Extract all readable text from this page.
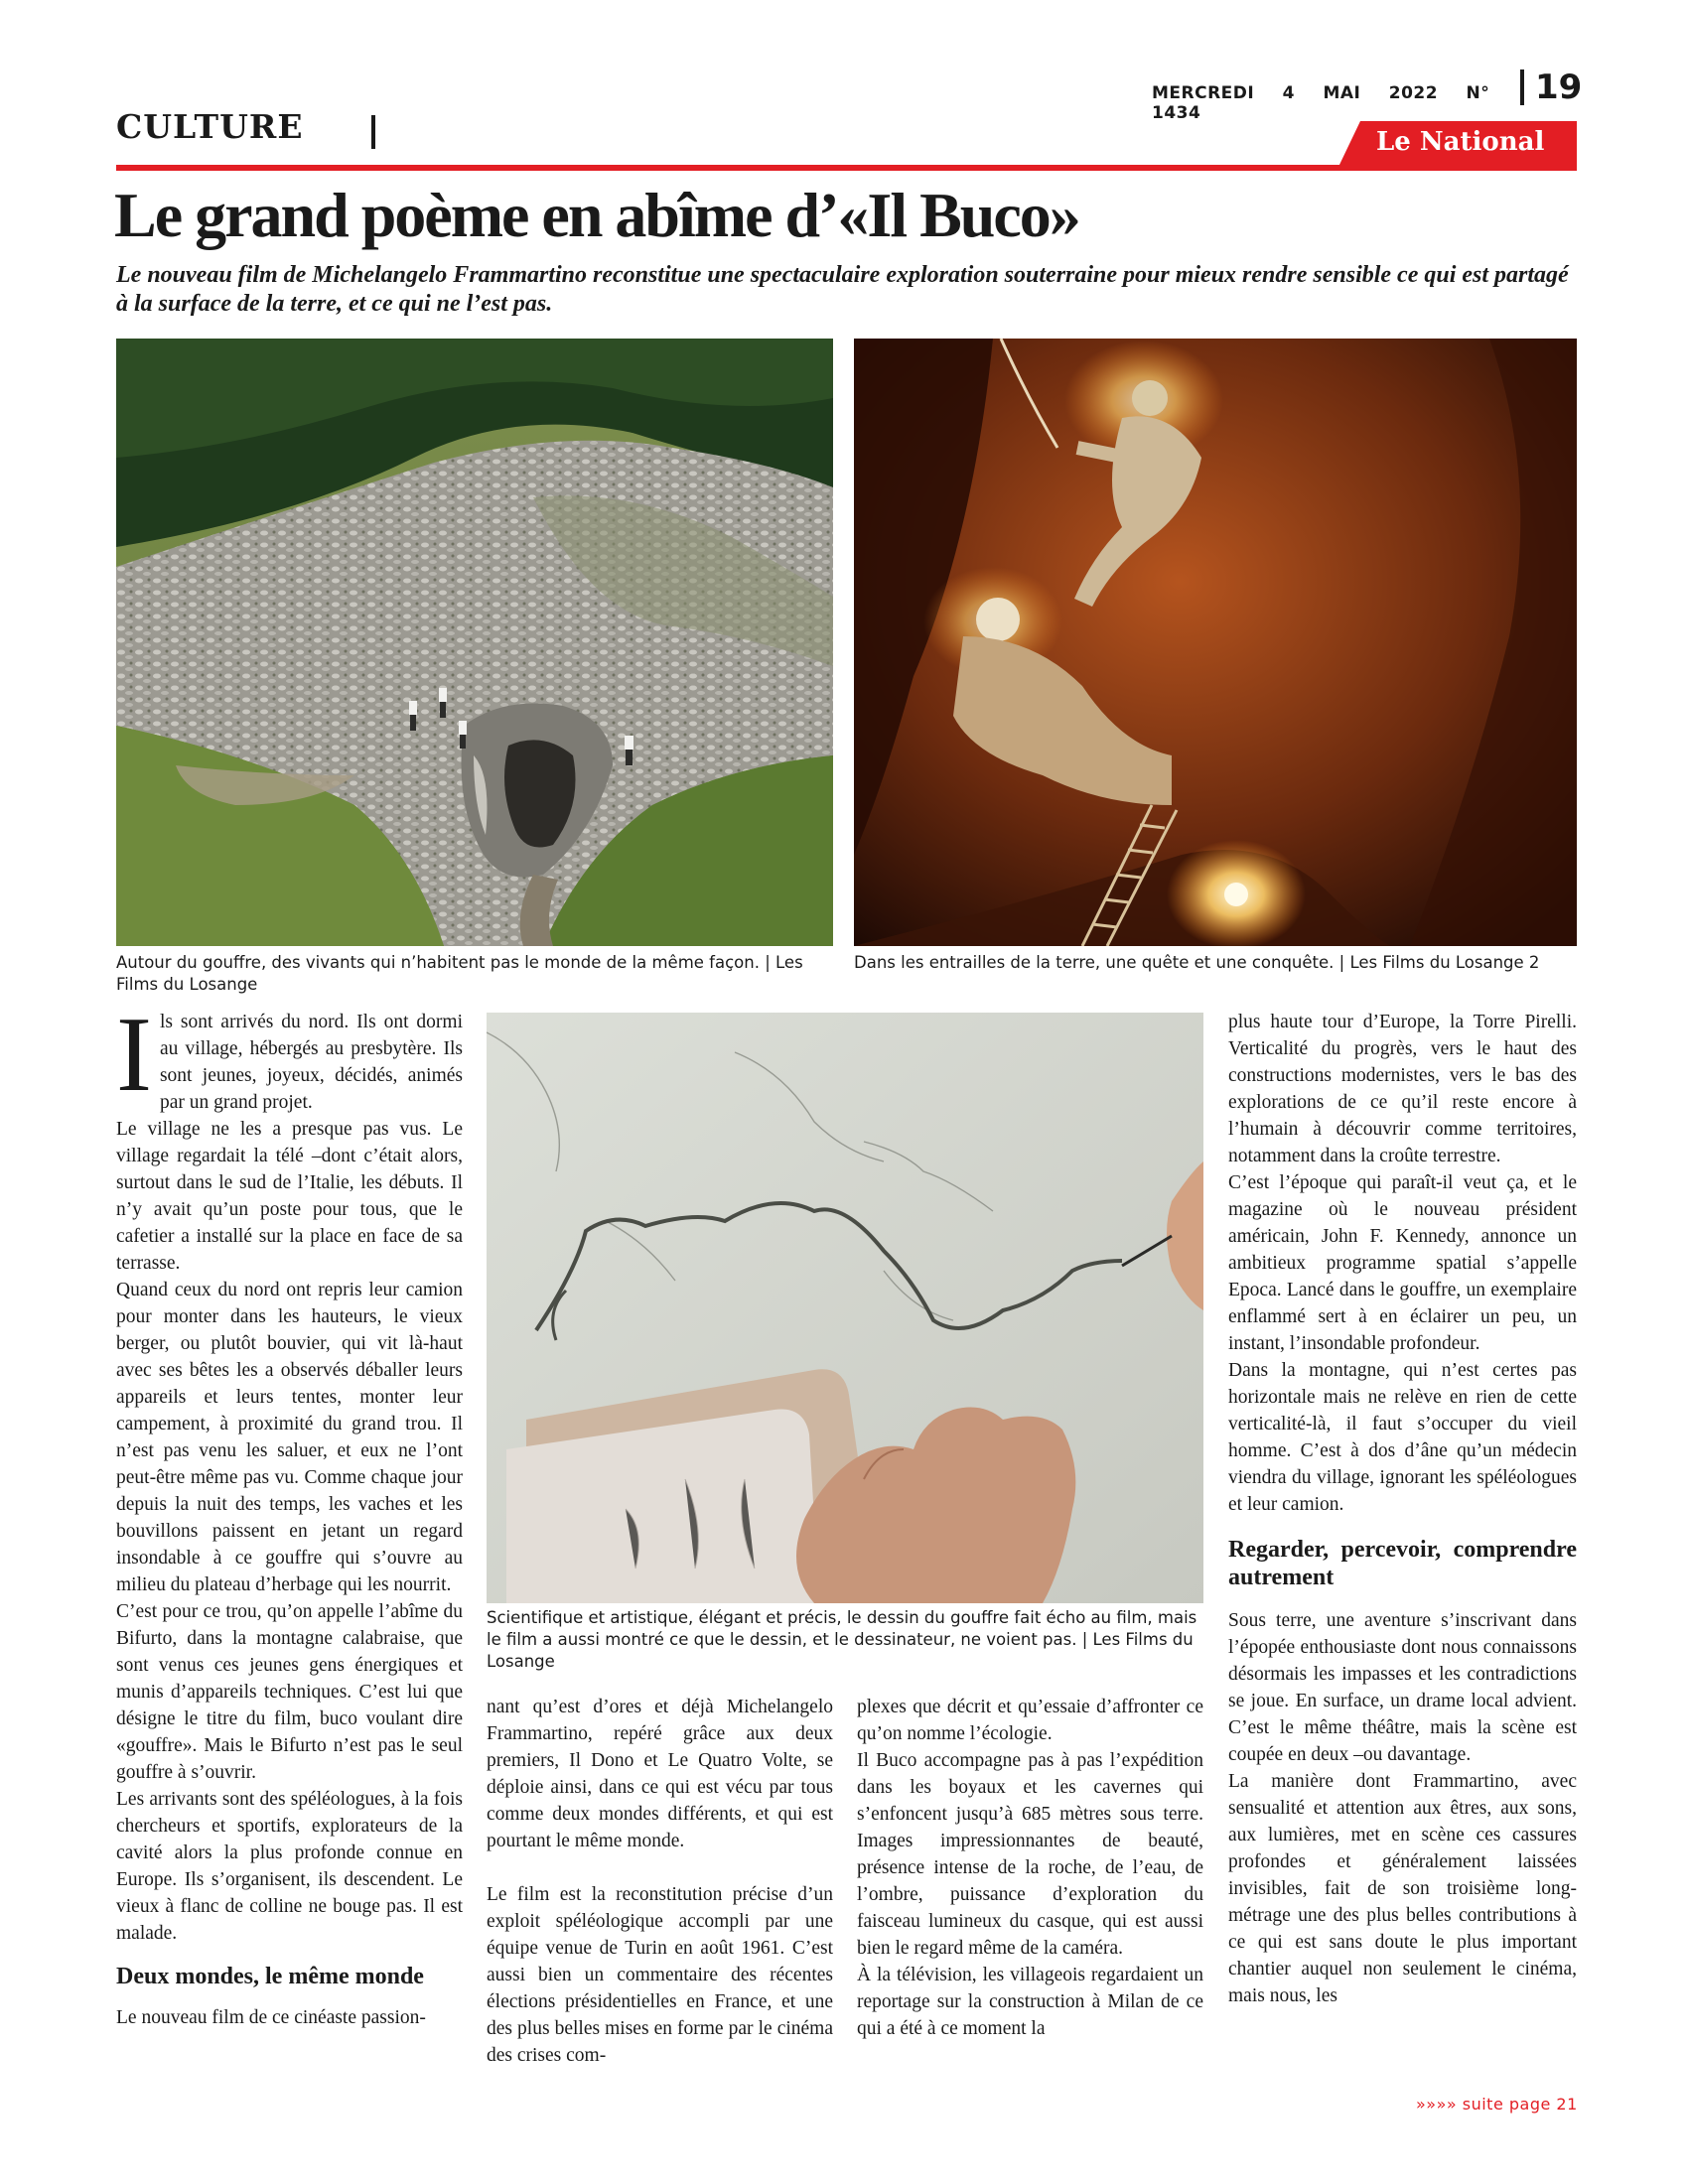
MERCREDI 4 MAI 2022 N° 1434
19
CULTURE	Le National
Le grand poème en abîme d’«Il Buco»
Le nouveau film de Michelangelo Frammartino reconstitue une spectaculaire exploration souterraine pour mieux rendre sensible ce qui est partagé à la surface de la terre, et ce qui ne l’est pas.
Autour du gouffre, des vivants qui n’habitent pas le monde de la même façon. | Les Films du Losange
Dans les entrailles de la terre, une quête et une conquête. | Les Films du Losange 2
Scientifique et artistique, élégant et précis, le dessin du gouffre fait écho au film, mais le film a aussi montré ce que le dessin, et le dessinateur, ne voient pas. | Les Films du Losange

Ils sont arrivés du nord. Ils ont dormi au village, hébergés au presbytère. Ils sont jeunes, joyeux, décidés, animés par un grand projet.

Le village ne les a presque pas vus. Le village regardait la télé –dont c’était alors, surtout dans le sud de l’Italie, les débuts. Il n’y avait qu’un poste pour tous, que le cafetier a installé sur la place en face de sa terrasse.

Quand ceux du nord ont repris leur camion pour monter dans les hauteurs, le vieux berger, ou plutôt bouvier, qui vit là-haut avec ses bêtes les a observés déballer leurs appareils et leurs tentes, monter leur campement, à proximité du grand trou. Il n’est pas venu les saluer, et eux ne l’ont peut-être même pas vu. Comme chaque jour depuis la nuit des temps, les vaches et les bouvillons paissent en jetant un regard insondable à ce gouffre qui s’ouvre au milieu du plateau d’herbage qui les nourrit.

C’est pour ce trou, qu’on appelle l’abîme du Bifurto, dans la montagne calabraise, que sont venus ces jeunes gens énergiques et munis d’appareils techniques. C’est lui que désigne le titre du film, buco voulant dire «gouffre». Mais le Bifurto n’est pas le seul gouffre à s’ouvrir.

Les arrivants sont des spéléologues, à la fois chercheurs et sportifs, explorateurs de la cavité alors la plus profonde connue en Europe. Ils s’organisent, ils descendent. Le vieux à flanc de colline ne bouge pas. Il est malade.

Deux mondes, le même monde

Le nouveau film de ce cinéaste passion-

nant qu’est d’ores et déjà Michelangelo Frammartino, repéré grâce aux deux premiers, Il Dono et Le Quatro Volte, se déploie ainsi, dans ce qui est vécu par tous comme deux mondes différents, et qui est pourtant le même monde.

Le film est la reconstitution précise d’un exploit spéléologique accompli par une équipe venue de Turin en août 1961. C’est aussi bien un commentaire des récentes élections présidentielles en France, et une des plus belles mises en forme par le cinéma des crises com-

plexes que décrit et qu’essaie d’affronter ce qu’on nomme l’écologie.

Il Buco accompagne pas à pas l’expédition dans les boyaux et les cavernes qui s’enfoncent jusqu’à 685 mètres sous terre. Images impressionnantes de beauté, présence intense de la roche, de l’eau, de l’ombre, puissance d’exploration du faisceau lumineux du casque, qui est aussi bien le regard même de la caméra.

À la télévision, les villageois regardaient un reportage sur la construction à Milan de ce qui a été à ce moment la

plus haute tour d’Europe, la Torre Pirelli. Verticalité du progrès, vers le haut des constructions modernistes, vers le bas des explorations de ce qu’il reste encore à l’humain à découvrir comme territoires, notamment dans la croûte terrestre.

C’est l’époque qui paraît-il veut ça, et le magazine où le nouveau président américain, John F. Kennedy, annonce un ambitieux programme spatial s’appelle Epoca. Lancé dans le gouffre, un exemplaire enflammé sert à en éclairer un peu, un instant, l’insondable profondeur.

Dans la montagne, qui n’est certes pas horizontale mais ne relève en rien de cette verticalité-là, il faut s’occuper du vieil homme. C’est à dos d’âne qu’un médecin viendra du village, ignorant les spéléologues et leur camion.

Regarder, percevoir, comprendre autrement

Sous terre, une aventure s’inscrivant dans l’épopée enthousiaste dont nous connaissons désormais les impasses et les contradictions se joue. En surface, un drame local advient. C’est le même théâtre, mais la scène est coupée en deux –ou davantage.

La manière dont Frammartino, avec sensualité et attention aux êtres, aux sons, aux lumières, met en scène ces cassures profondes et généralement laissées invisibles, fait de son troisième long-métrage une des plus belles contributions à ce qui est sans doute le plus important chantier auquel non seulement le cinéma, mais nous, les

»»»» suite page 21
